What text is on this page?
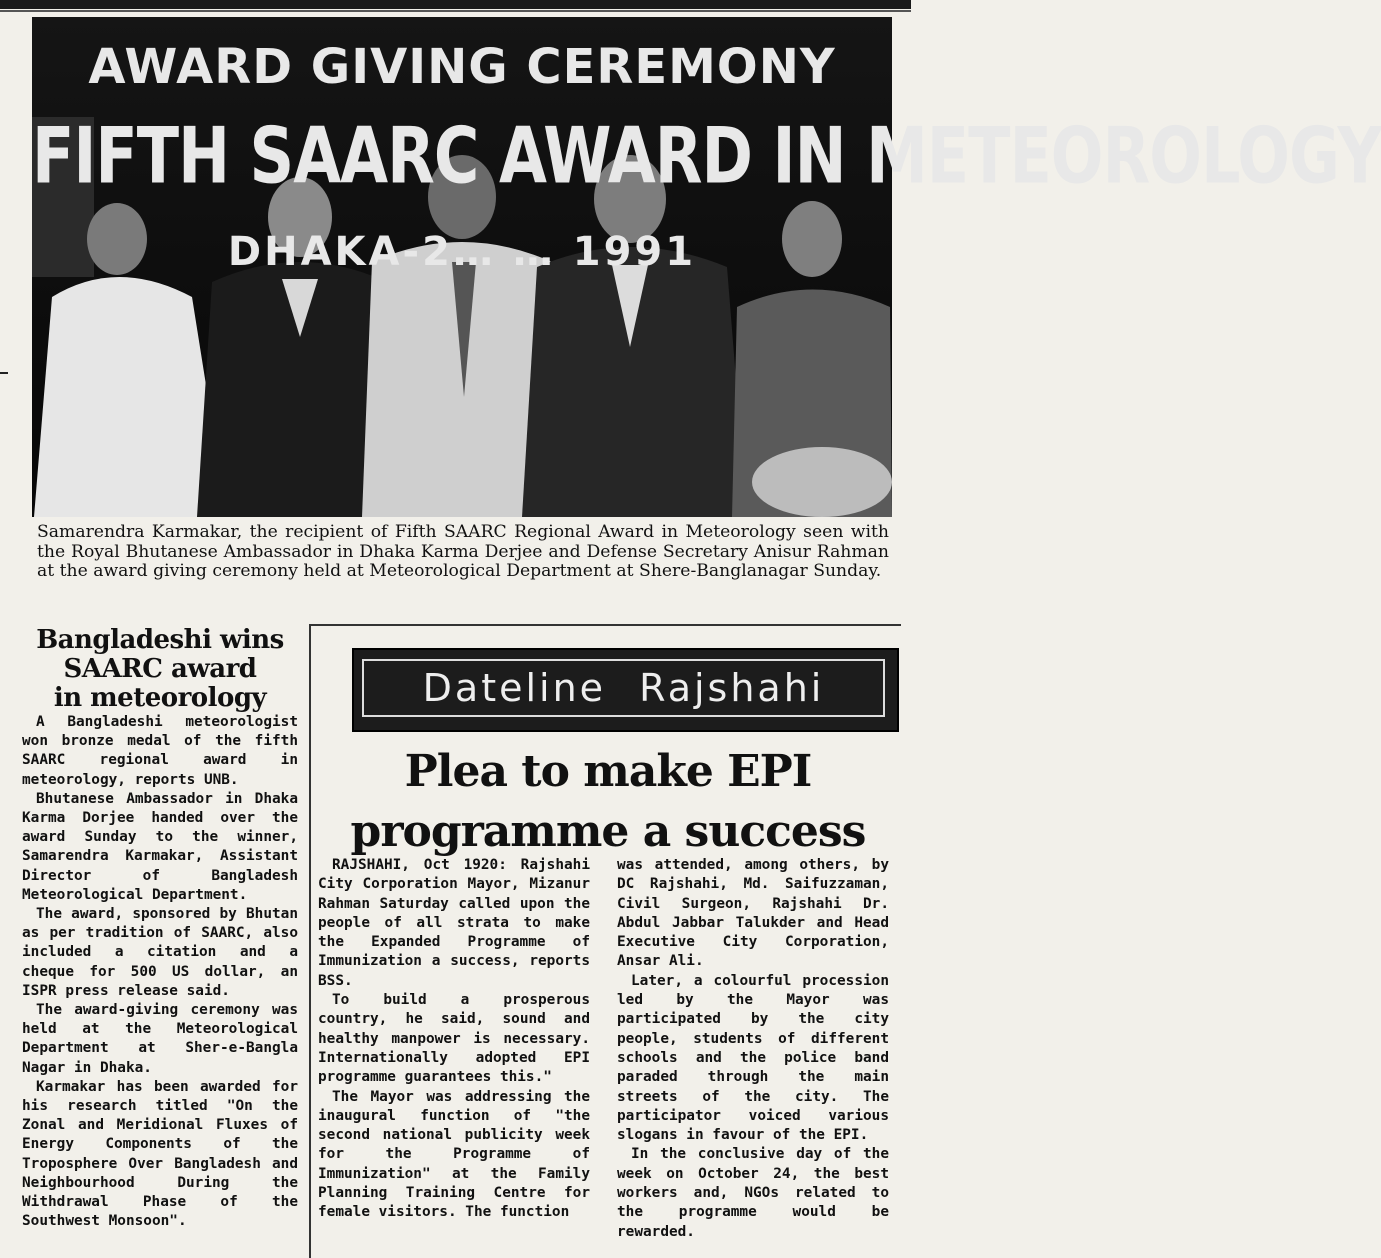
AWARD GIVING CEREMONY
FIFTH SAARC AWARD IN METEOROLOGY
DHAKA-2… … 1991
Samarendra Karmakar, the recipient of Fifth SAARC Regional Award in Meteorology seen with the Royal Bhutanese Ambassador in Dhaka Karma Derjee and Defense Secretary Anisur Rahman at the award giving ceremony held at Meteorological Department at Shere-Banglanagar Sunday.
Bangladeshi wins
SAARC award
in meteorology

A Bangladeshi meteorologist won bronze medal of the fifth SAARC regional award in meteorology, reports UNB.

Bhutanese Ambassador in Dhaka Karma Dorjee handed over the award Sunday to the winner, Samarendra Karmakar, Assistant Director of Bangladesh Meteorological Department.

The award, sponsored by Bhutan as per tradition of SAARC, also included a citation and a cheque for 500 US dollar, an ISPR press release said.

The award-giving ceremony was held at the Meteorological Department at Sher-e-Bangla Nagar in Dhaka.

Karmakar has been awarded for his research titled "On the Zonal and Meridional Fluxes of Energy Components of the Troposphere Over Bangladesh and Neighbourhood During the Withdrawal Phase of the Southwest Monsoon".

Dateline Rajshahi
Plea to make EPI
programme a success

RAJSHAHI, Oct 1920: Rajshahi City Corporation Mayor, Mizanur Rahman Saturday called upon the people of all strata to make the Expanded Programme of Immunization a success, reports BSS.

To build a prosperous country, he said, sound and healthy manpower is necessary. Internationally adopted EPI programme guarantees this."

The Mayor was addressing the inaugural function of "the second national publicity week for the Programme of Immunization" at the Family Planning Training Centre for female visitors. The function

was attended, among others, by DC Rajshahi, Md. Saifuzzaman, Civil Surgeon, Rajshahi Dr. Abdul Jabbar Talukder and Head Executive City Corporation, Ansar Ali.

Later, a colourful procession led by the Mayor was participated by the city people, students of different schools and the police band paraded through the main streets of the city. The participator voiced various slogans in favour of the EPI.

In the conclusive day of the week on October 24, the best workers and, NGOs related to the programme would be rewarded.
